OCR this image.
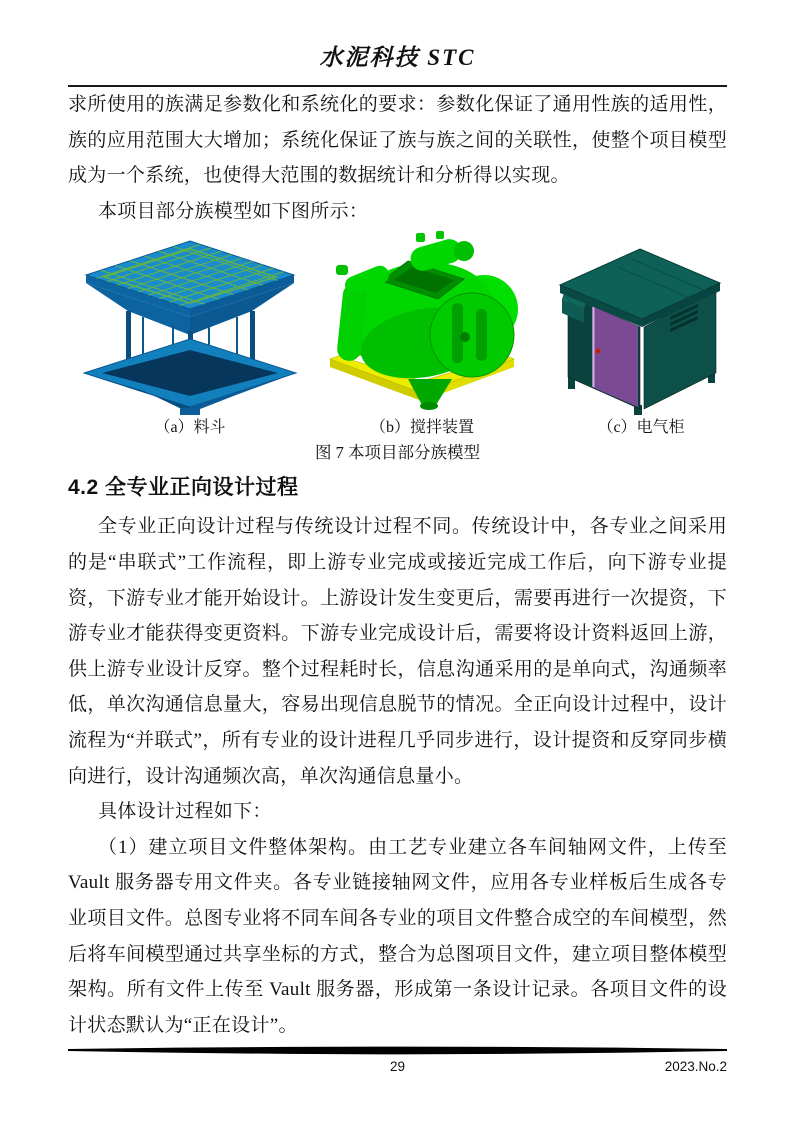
水泥科技 STC

求所使用的族满足参数化和系统化的要求：参数化保证了通用性族的适用性，族的应用范围大大增加；系统化保证了族与族之间的关联性，使整个项目模型成为一个系统，也使得大范围的数据统计和分析得以实现。

本项目部分族模型如下图所示：

（a）料斗	（b）搅拌装置	（c）电气柜
图 7 本项目部分族模型
4.2 全专业正向设计过程

全专业正向设计过程与传统设计过程不同。传统设计中，各专业之间采用的是“串联式”工作流程，即上游专业完成或接近完成工作后，向下游专业提资，下游专业才能开始设计。上游设计发生变更后，需要再进行一次提资，下游专业才能获得变更资料。下游专业完成设计后，需要将设计资料返回上游，供上游专业设计反穿。整个过程耗时长，信息沟通采用的是单向式，沟通频率低，单次沟通信息量大，容易出现信息脱节的情况。全正向设计过程中，设计流程为“并联式”，所有专业的设计进程几乎同步进行，设计提资和反穿同步横向进行，设计沟通频次高，单次沟通信息量小。

具体设计过程如下：

（1）建立项目文件整体架构。由工艺专业建立各车间轴网文件，上传至 Vault 服务器专用文件夹。各专业链接轴网文件，应用各专业样板后生成各专业项目文件。总图专业将不同车间各专业的项目文件整合成空的车间模型，然后将车间模型通过共享坐标的方式，整合为总图项目文件，建立项目整体模型架构。所有文件上传至 Vault 服务器，形成第一条设计记录。各项目文件的设计状态默认为“正在设计”。

29	2023.No.2
